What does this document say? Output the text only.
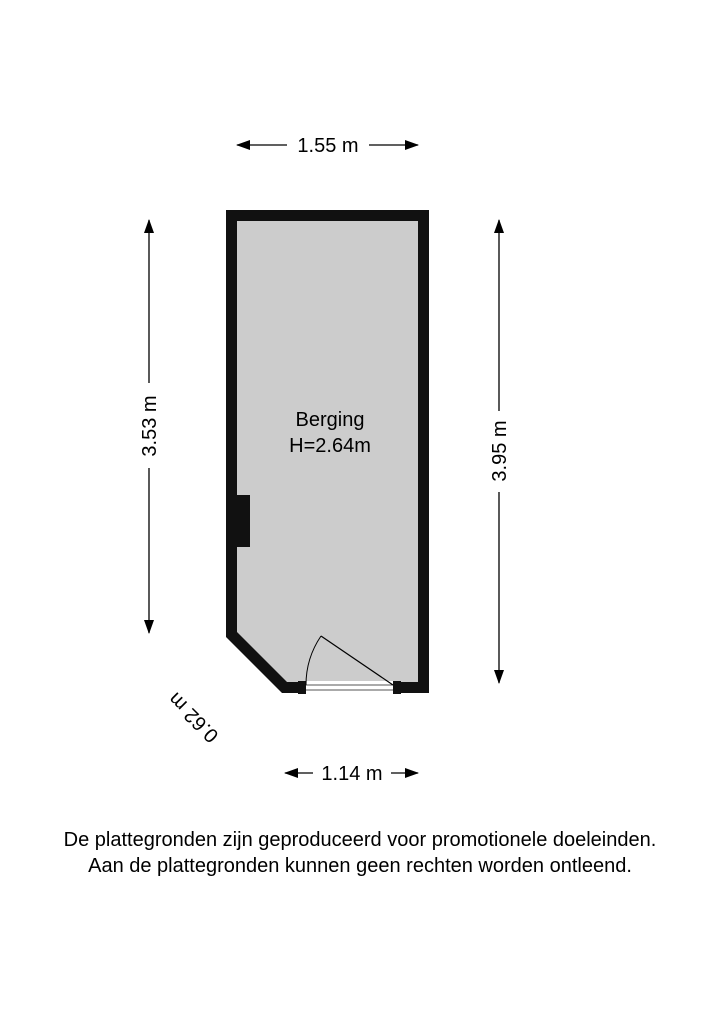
Berging
H=2.64m
1.55 m
3.53 m	3.95 m
1.14 m
0.62 m
De plattegronden zijn geproduceerd voor promotionele doeleinden.
Aan de plattegronden kunnen geen rechten worden ontleend.
